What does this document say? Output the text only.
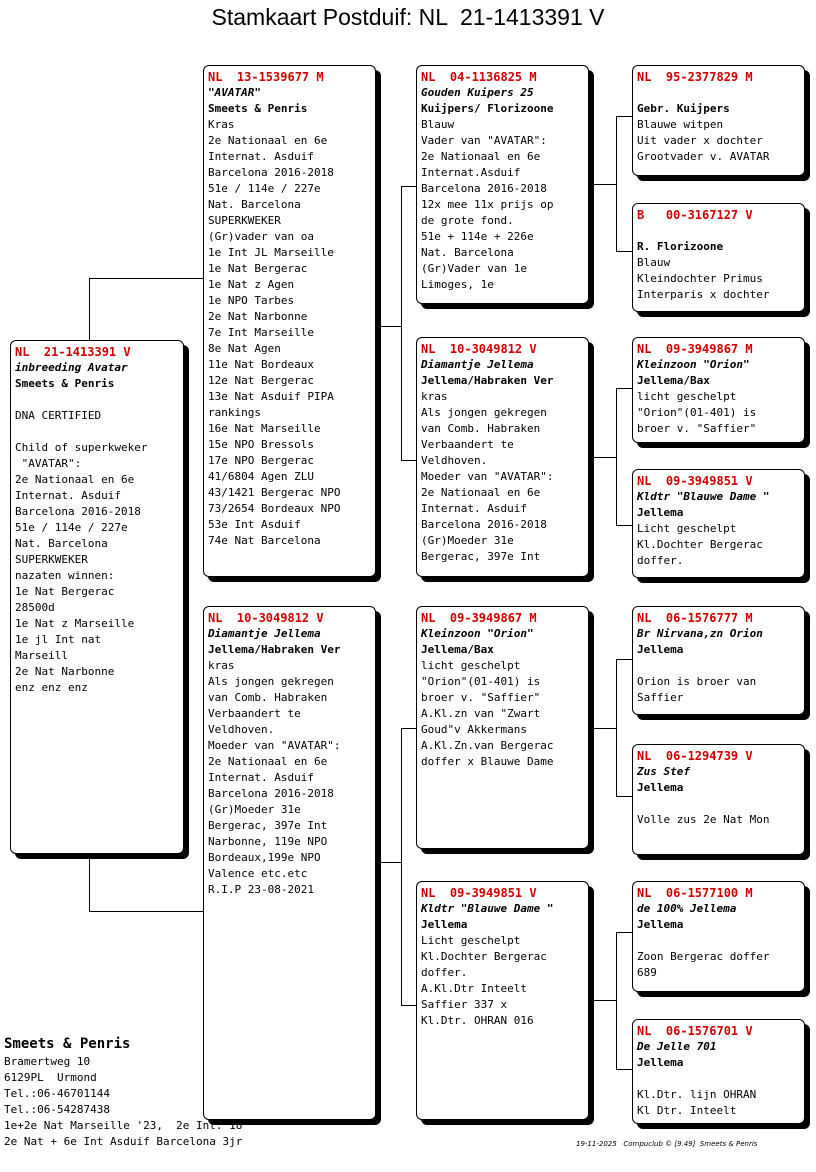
Stamkaart Postduif: NL  21-1413391 V
NL  21-1413391 V
inbreeding Avatar
Smeets & Penris
DNA CERTIFIED
Child of superkweker
"AVATAR":
2e Nationaal en 6e
Internat. Asduif
Barcelona 2016-2018
51e / 114e / 227e
Nat. Barcelona
SUPERKWEKER
nazaten winnen:
1e Nat Bergerac
28500d
1e Nat z Marseille
1e jl Int nat
Marseill
2e Nat Narbonne
enz enz enz
NL  13-1539677 M
"AVATAR"
Smeets & Penris
Kras
2e Nationaal en 6e
Internat. Asduif
Barcelona 2016-2018
51e / 114e / 227e
Nat. Barcelona
SUPERKWEKER
(Gr)vader van oa
1e Int JL Marseille
1e Nat Bergerac
1e Nat z Agen
1e NPO Tarbes
2e Nat Narbonne
7e Int Marseille
8e Nat Agen
11e Nat Bordeaux
12e Nat Bergerac
13e Nat Asduif PIPA
rankings
16e Nat Marseille
15e NPO Bressols
17e NPO Bergerac
41/6804 Agen ZLU
43/1421 Bergerac NPO
73/2654 Bordeaux NPO
53e Int Asduif
74e Nat Barcelona
NL  10-3049812 V
Diamantje Jellema
Jellema/Habraken Ver
kras
Als jongen gekregen
van Comb. Habraken
Verbaandert te
Veldhoven.
Moeder van "AVATAR":
2e Nationaal en 6e
Internat. Asduif
Barcelona 2016-2018
(Gr)Moeder 31e
Bergerac, 397e Int
Narbonne, 119e NPO
Bordeaux,199e NPO
Valence etc.etc
R.I.P 23-08-2021
NL  04-1136825 M
Gouden Kuipers 25
Kuijpers/ Florizoone
Blauw
Vader van "AVATAR":
2e Nationaal en 6e
Internat.Asduif
Barcelona 2016-2018
12x mee 11x prijs op
de grote fond.
51e + 114e + 226e
Nat. Barcelona
(Gr)Vader van 1e
Limoges, 1e
NL  10-3049812 V
Diamantje Jellema
Jellema/Habraken Ver
kras
Als jongen gekregen
van Comb. Habraken
Verbaandert te
Veldhoven.
Moeder van "AVATAR":
2e Nationaal en 6e
Internat. Asduif
Barcelona 2016-2018
(Gr)Moeder 31e
Bergerac, 397e Int
NL  09-3949867 M
Kleinzoon "Orion"
Jellema/Bax
licht geschelpt
"Orion"(01-401) is
broer v. "Saffier"
A.Kl.zn van "Zwart
Goud"v Akkermans
A.Kl.Zn.van Bergerac
doffer x Blauwe Dame
NL  09-3949851 V
Kldtr "Blauwe Dame "
Jellema
Licht geschelpt
Kl.Dochter Bergerac
doffer.
A.Kl.Dtr Inteelt
Saffier 337 x
Kl.Dtr. OHRAN 016
NL  95-2377829 M
Gebr. Kuijpers
Blauwe witpen
Uit vader x dochter
Grootvader v. AVATAR
B   00-3167127 V
R. Florizoone
Blauw
Kleindochter Primus
Interparis x dochter
NL  09-3949867 M
Kleinzoon "Orion"
Jellema/Bax
licht geschelpt
"Orion"(01-401) is
broer v. "Saffier"
NL  09-3949851 V
Kldtr "Blauwe Dame "
Jellema
Licht geschelpt
Kl.Dochter Bergerac
doffer.
NL  06-1576777 M
Br Nirvana,zn Orion
Jellema
Orion is broer van
Saffier
NL  06-1294739 V
Zus Stef
Jellema
Volle zus 2e Nat Mon
NL  06-1577100 M
de 100% Jellema
Jellema
Zoon Bergerac doffer
689
NL  06-1576701 V
De Jelle 701
Jellema
Kl.Dtr. lijn OHRAN
Kl Dtr. Inteelt
Smeets & Penris
Bramertweg 10
6129PL  Urmond
Tel.:06-46701144
Tel.:06-54287438
1e+2e Nat Marseille '23,  2e Int.'18
2e Nat + 6e Int Asduif Barcelona 3jr	19-11-2025   Compuclub © [9.49]  Smeets & Penris
